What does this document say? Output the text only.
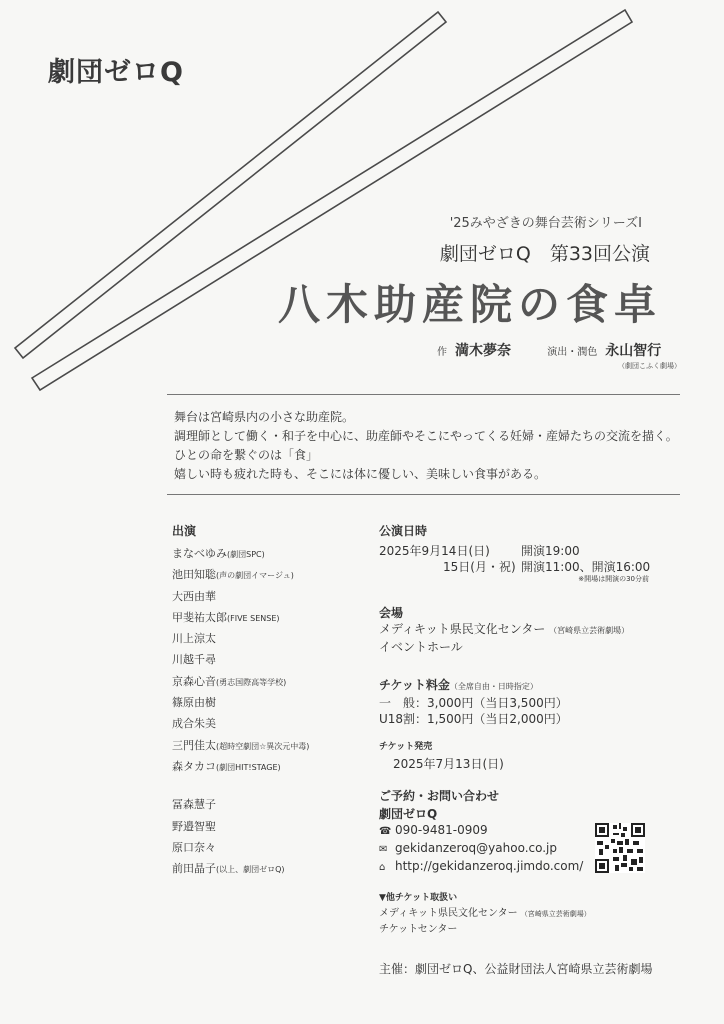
劇団ゼロQ
'25みやざきの舞台芸術シリーズⅠ
劇団ゼロQ　第33回公演
八木助産院の食卓
作 満木夢奈	演出・潤色 永山智行
（劇団こふく劇場）
舞台は宮崎県内の小さな助産院。
調理師として働く・和子を中心に、助産師やそこにやってくる妊婦・産婦たちの交流を描く。
ひとの命を繋ぐのは「食」
嬉しい時も疲れた時も、そこには体に優しい、美味しい食事がある。
出演
まなべゆみ(劇団SPC)
池田知聡(声の劇団イマージュ)
大西由華
甲斐祐太郎(FIVE SENSE)
川上涼太
川越千尋
京森心音(勇志国際高等学校)
篠原由樹
成合朱美
三門佳太(超時空劇団☆異次元中毒)
森タカコ(劇団HIT!STAGE)
冨森慧子
野邉智聖
原口奈々
前田晶子(以上、劇団ゼロQ)
公演日時
2025年9月14日(日)	開演19:00
15日(月・祝) 開演11:00、開演16:00
※開場は開演の30分前
会場
メディキット県民文化センター （宮崎県立芸術劇場）
イベントホール
チケット料金（全席自由・日時指定）
一　般：3,000円（当日3,500円）
U18割：1,500円（当日2,000円）
チケット発売
2025年7月13日(日)
ご予約・お問い合わせ
劇団ゼロQ
☎ 090-9481-0909
✉ gekidanzeroq@yahoo.co.jp
⌂ http://gekidanzeroq.jimdo.com/
▼他チケット取扱い
メディキット県民文化センター （宮崎県立芸術劇場）
チケットセンター
主催：劇団ゼロQ、公益財団法人宮崎県立芸術劇場
